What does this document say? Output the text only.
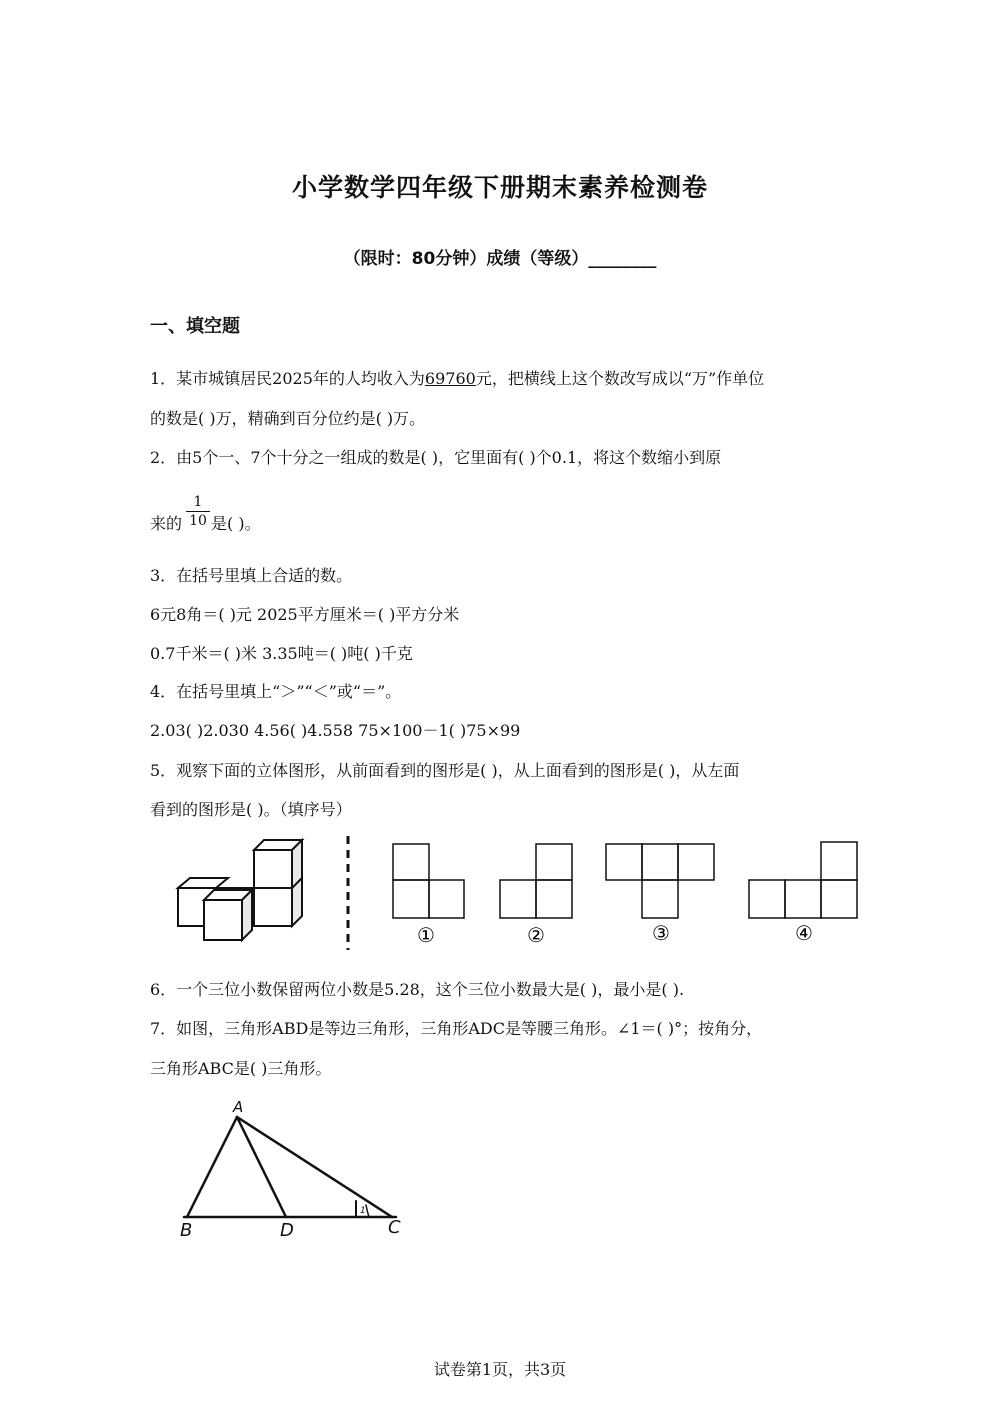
小学数学四年级下册期末素养检测卷
（限时：80分钟）成绩（等级）________
一、填空题
1．某市城镇居民2025年的人均收入为69760元，把横线上这个数改写成以“万”作单位
的数是( )万，精确到百分位约是( )万。
2．由5个一、7个十分之一组成的数是( )，它里面有( )个0.1，将这个数缩小到原
来的
1
10 是( )。
3．在括号里填上合适的数。
6元8角＝( )元 2025平方厘米＝( )平方分米
0.7千米＝( )米 3.35吨＝( )吨( )千克
4．在括号里填上“＞”“＜”或“＝”。
2.03( )2.030 4.56( )4.558 75×100－1( )75×99
5．观察下面的立体图形，从前面看到的图形是( )，从上面看到的图形是( )，从左面
看到的图形是( )。（填序号）
①	②	③	④
6．一个三位小数保留两位小数是5.28，这个三位小数最大是( )，最小是( ).
7．如图，三角形ABD是等边三角形，三角形ADC是等腰三角形。∠1＝( )°；按角分，
三角形ABC是( )三角形。
A
B	D	C
1
试卷第1页，共3页
